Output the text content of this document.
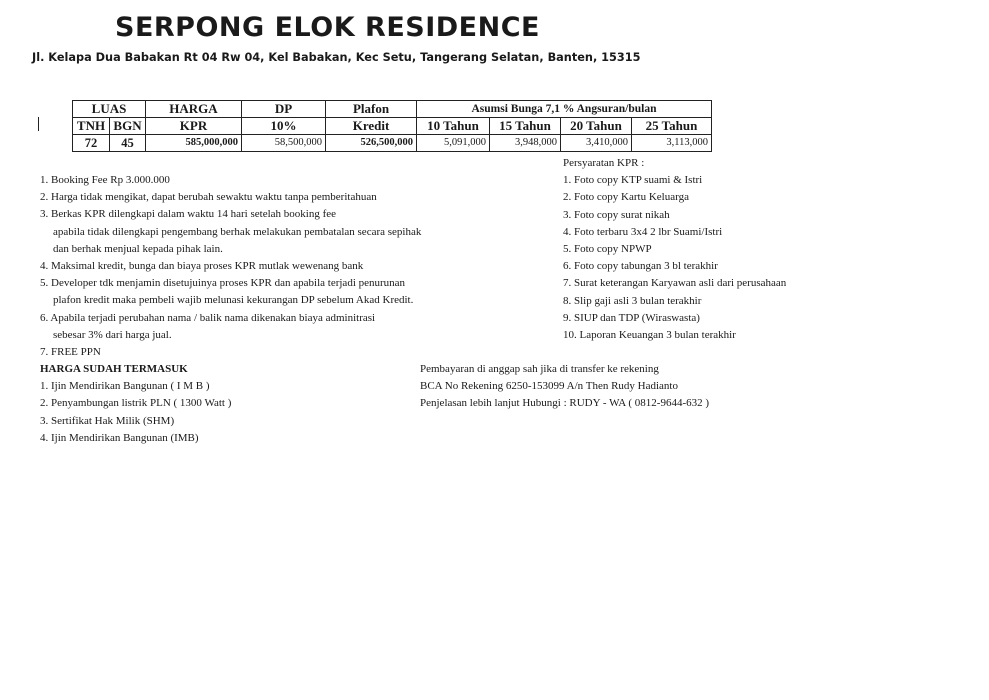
SERPONG ELOK RESIDENCE
Jl. Kelapa Dua Babakan Rt 04 Rw 04, Kel Babakan, Kec Setu, Tangerang Selatan, Banten, 15315
LUAS		HARGA	DP	Plafon	Asumsi Bunga 7,1 % Angsuran/bulan			
TNH	BGN	KPR	10%	Kredit	10 Tahun	15 Tahun	20 Tahun	25 Tahun
72	45	585,000,000	58,500,000	526,500,000	5,091,000	3,948,000	3,410,000	3,113,000
1. Booking Fee Rp 3.000.000
2. Harga tidak mengikat, dapat berubah sewaktu waktu tanpa pemberitahuan
3. Berkas KPR dilengkapi dalam waktu 14 hari setelah booking fee
apabila tidak dilengkapi pengembang berhak melakukan pembatalan secara sepihak
dan berhak menjual kepada pihak lain.
4. Maksimal kredit, bunga dan biaya proses KPR mutlak wewenang bank
5. Developer tdk menjamin disetujuinya proses KPR dan apabila terjadi penurunan
plafon kredit maka pembeli wajib melunasi kekurangan DP sebelum Akad Kredit.
6. Apabila terjadi perubahan nama / balik nama dikenakan biaya adminitrasi
sebesar 3% dari harga jual.
7. FREE PPN
HARGA SUDAH TERMASUK
1. Ijin Mendirikan Bangunan ( I M B )
2. Penyambungan listrik PLN ( 1300 Watt )
3. Sertifikat Hak Milik (SHM)
4. Ijin Mendirikan Bangunan (IMB)
Persyaratan KPR :
1. Foto copy KTP suami & Istri
2. Foto copy Kartu Keluarga
3. Foto copy surat nikah
4. Foto terbaru 3x4 2 lbr Suami/Istri
5. Foto copy NPWP
6. Foto copy tabungan 3 bl terakhir
7. Surat keterangan Karyawan asli dari perusahaan
8. Slip gaji asli 3 bulan terakhir
9. SIUP dan TDP (Wiraswasta)
10. Laporan Keuangan 3 bulan terakhir
Pembayaran di anggap sah jika di transfer ke rekening
BCA No Rekening 6250-153099 A/n Then Rudy Hadianto
Penjelasan lebih lanjut Hubungi : RUDY - WA ( 0812-9644-632 )
